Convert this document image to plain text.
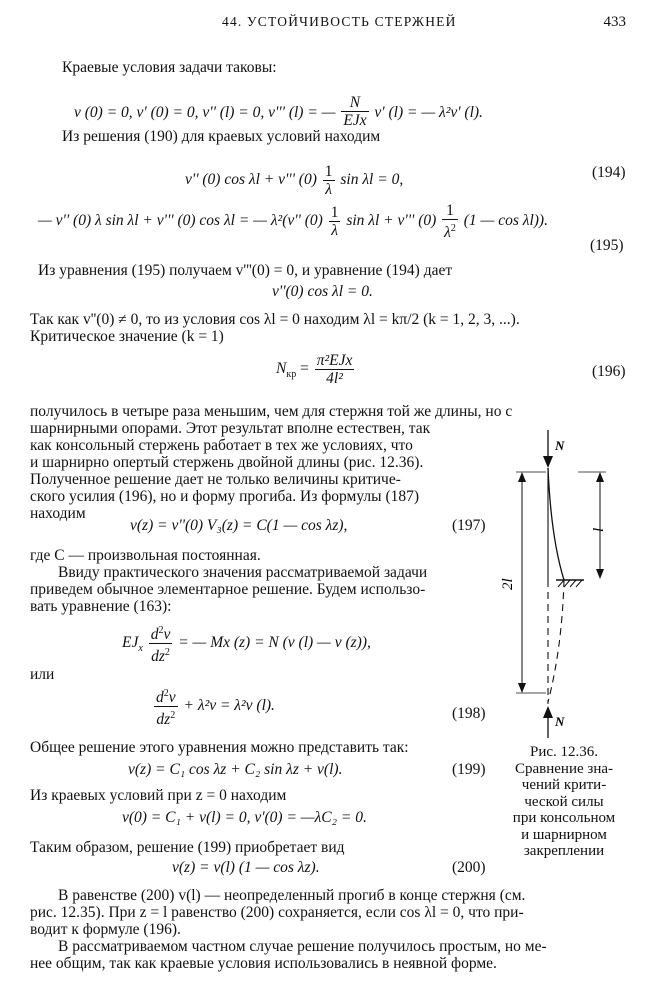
44. УСТОЙЧИВОСТЬ СТЕРЖНЕЙ	433
Краевые условия задачи таковы:
v (0) = 0, v' (0) = 0, v'' (l) = 0, v''' (l) = — $\frac{N}{\text{EJx}} v'$ (l) = — λ²v' (l).
Из решения (190) для краевых условий находим
v'' (0) cos λl + v''' $(0) \frac{1}{\lambda}$ sin λl = 0,	(194)
— v'' (0) λ sin λl + v''' (0) cos λl = — λ²(v'' $(0) \frac{1}{\lambda}$ sin λl + v''' $(0) \frac{1}{\lambda^2} (1$ — cos λl)).
(195)
Из уравнения (195) получаем v'''(0) = 0, и уравнение (194) дает
v''(0) cos λl = 0.
Так как v''(0) ≠ 0, то из условия cos λl = 0 находим λl = kπ/2 (k = 1, 2, 3, ...).
Критическое значение (k = 1)
$N_{кр} = \frac{\text{π²EJx}}{\text{4l²}}$	(196)
получилось в четыре раза меньшим, чем для стержня той же длины, но с
шарнирными опорами. Этот результат вполне естествен, так
как консольный стержень работает в тех же условиях, что
и шарнирно опертый стержень двойной длины (рис. 12.36).
Полученное решение дает не только величины критиче-
ского усилия (196), но и форму прогиба. Из формулы (187)
находим
v(z) = v''(0) V₃(z) = C(1 — cos λz),	(197)
где C — произвольная постоянная.
Ввиду практического значения рассматриваемой задачи
приведем обычное элементарное решение. Будем использо-
вать уравнение (163):
$EJ_x \frac{d^2v}{dz^2}$ = — Mx (z) = N (v (l) — v (z)),
или
$\frac{d^2v}{dz^2} + \lambda^2v = \lambda^2v$ (l).	(198)
Общее решение этого уравнения можно представить так:
v(z) = C₁ cos λz + C₂ sin λz + v(l).	(199)
Из краевых условий при z = 0 находим
v(0) = C₁ + v(l) = 0, v'(0) = —λC₂ = 0.
Таким образом, решение (199) приобретает вид
v(z) = v(l) (1 — cos λz).	(200)
В равенстве (200) v(l) — неопределенный прогиб в конце стержня (см.
рис. 12.35). При z = l равенство (200) сохраняется, если cos λl = 0, что при-
водит к формуле (196).
В рассматриваемом частном случае решение получилось простым, но ме-
нее общим, так как краевые условия использовались в неявной форме.
N
2l
l
N
Рис. 12.36.
Сравнение зна-
чений крити-
ческой силы
при консольном
и шарнирном
закреплении
